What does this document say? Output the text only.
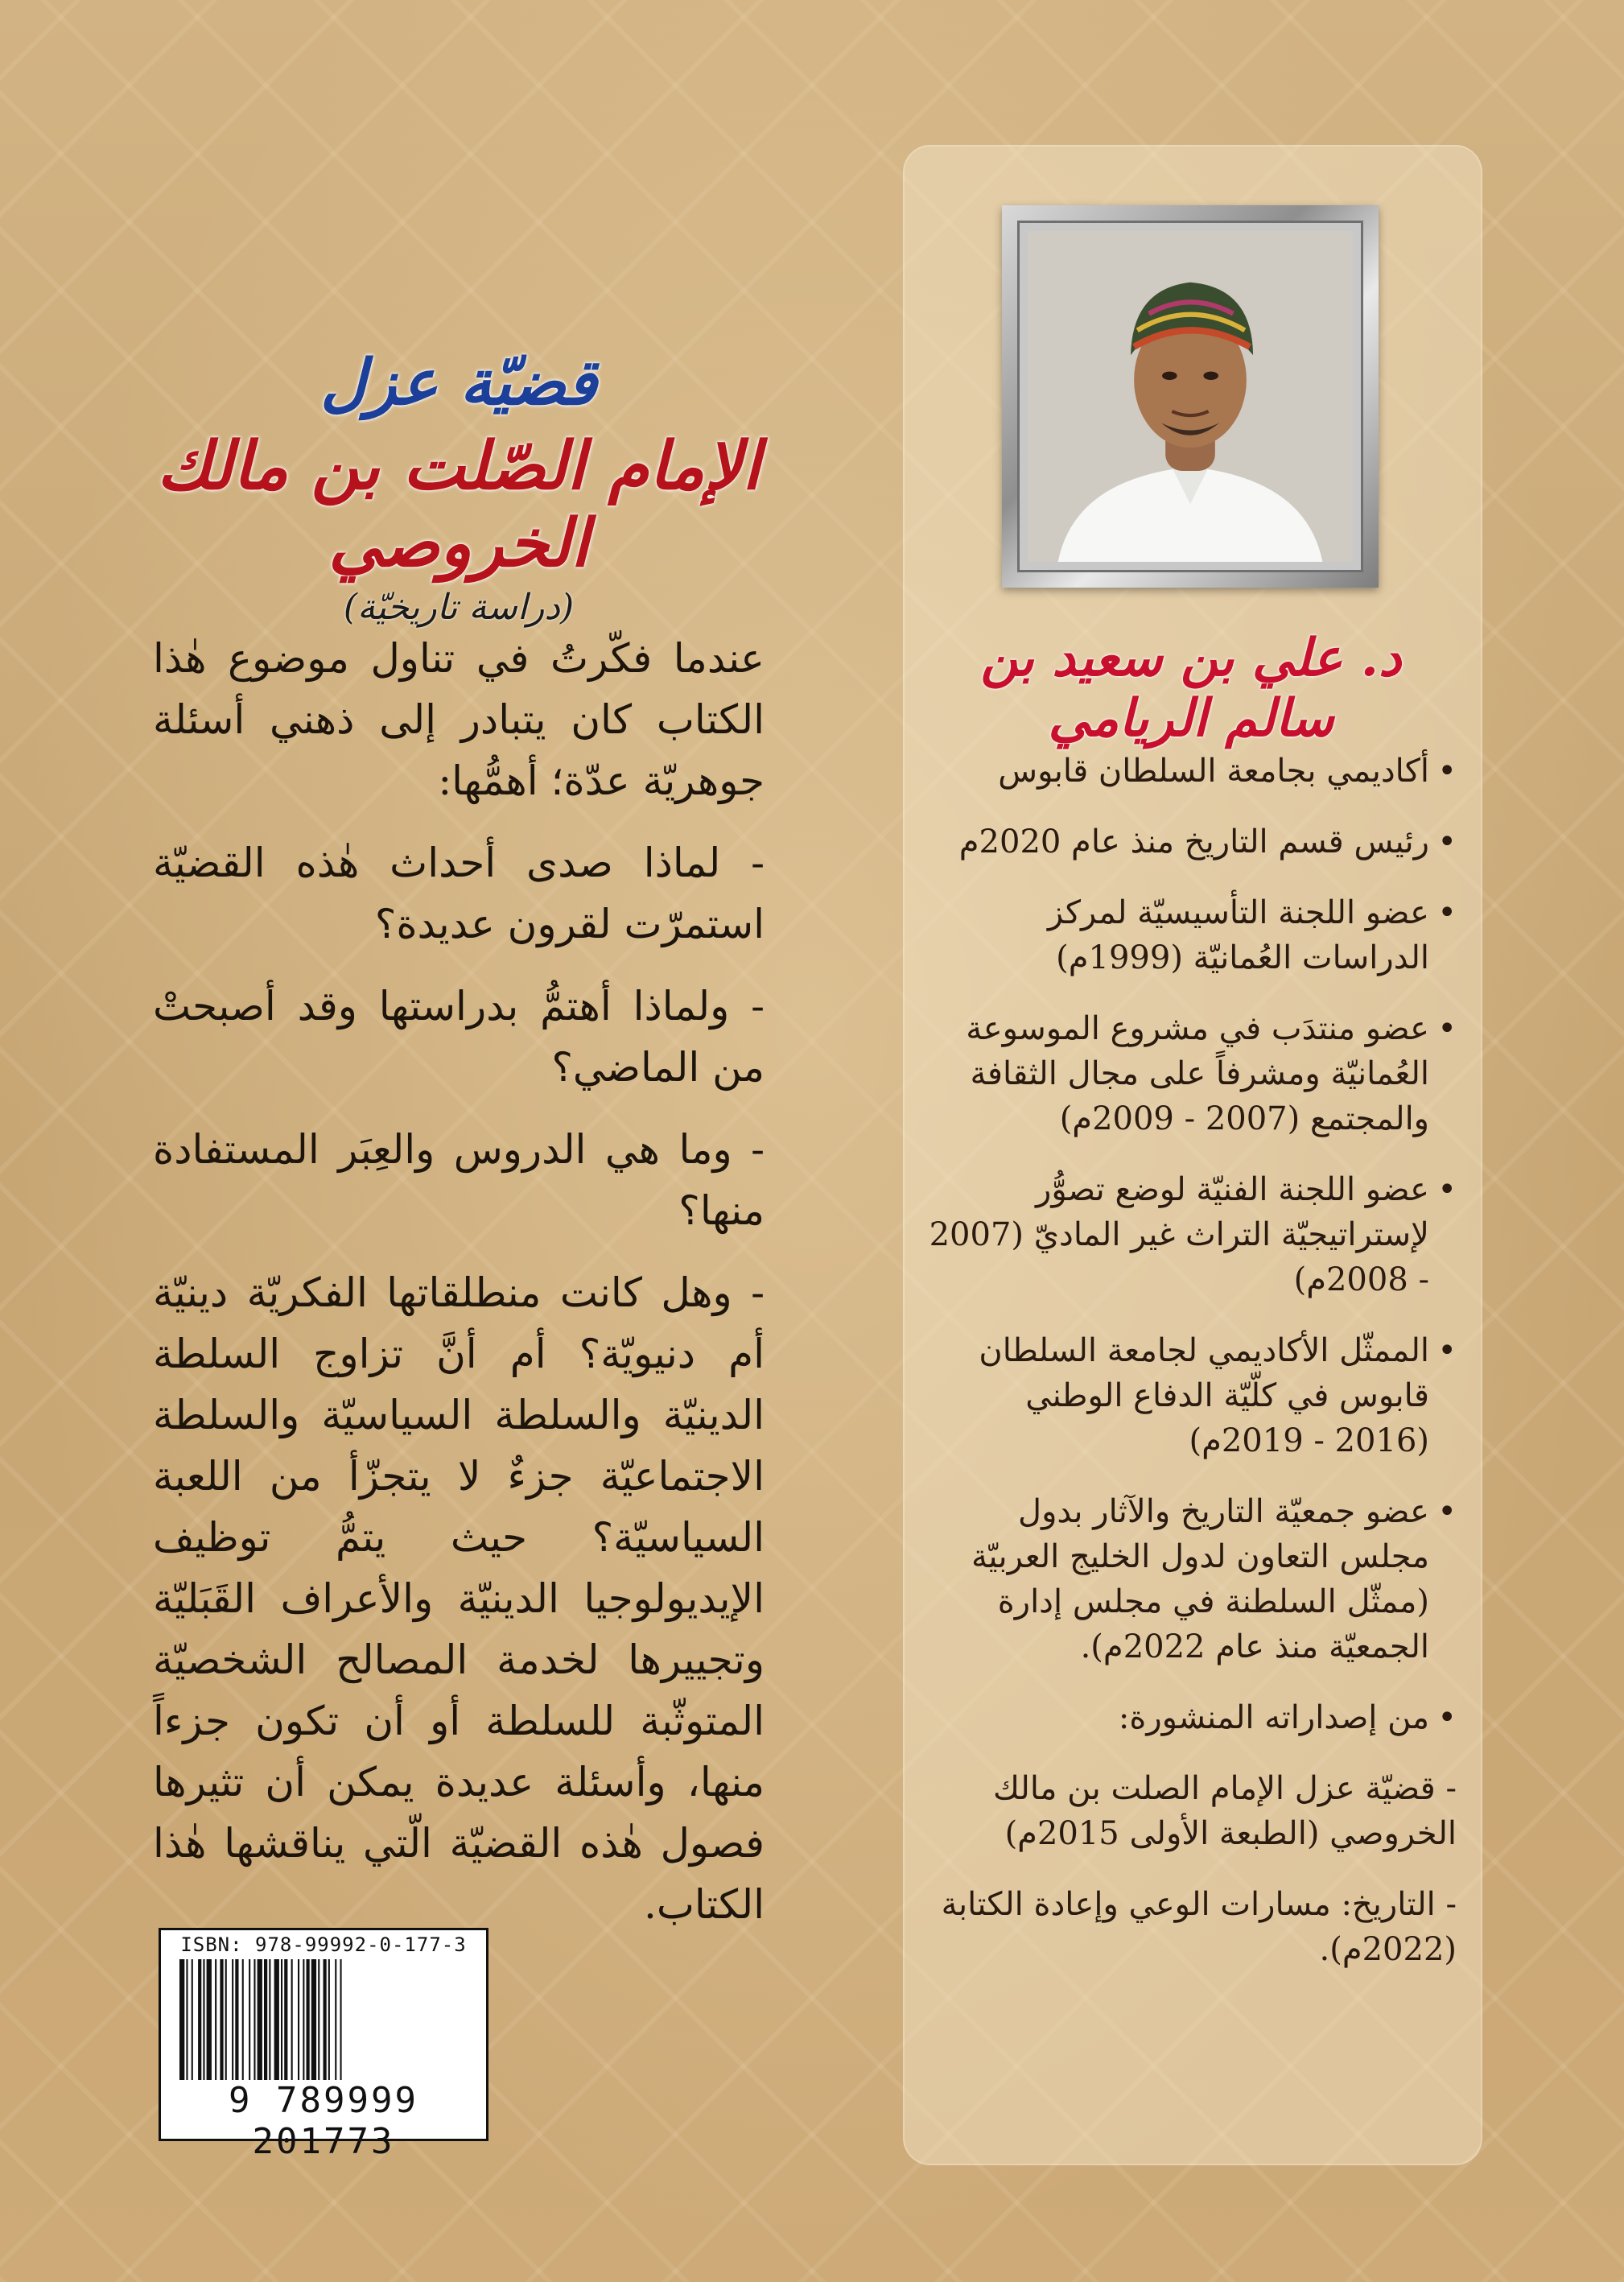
د. علي بن سعيد بن سالم الريامي
• أكاديمي بجامعة السلطان قابوس
• رئيس قسم التاريخ منذ عام 2020م
• عضو اللجنة التأسيسيّة لمركز الدراسات العُمانيّة (1999م)
• عضو منتدَب في مشروع الموسوعة العُمانيّة ومشرفاً على مجال الثقافة والمجتمع (2007 - 2009م)
• عضو اللجنة الفنيّة لوضع تصوُّر لإستراتيجيّة التراث غير الماديّ (2007 - 2008م)
• الممثّل الأكاديمي لجامعة السلطان قابوس في كلّيّة الدفاع الوطني (2016 - 2019م)
• عضو جمعيّة التاريخ والآثار بدول مجلس التعاون لدول الخليج العربيّة (ممثّل السلطنة في مجلس إدارة الجمعيّة منذ عام 2022م).
• من إصداراته المنشورة:
- قضيّة عزل الإمام الصلت بن مالك الخروصي (الطبعة الأولى 2015م)
- التاريخ: مسارات الوعي وإعادة الكتابة (2022م).
قضيّة عزل
الإمام الصّلت بن مالك الخروصي
(دراسة تاريخيّة)

عندما فكّرتُ في تناول موضوع هٰذا الكتاب كان يتبادر إلى ذهني أسئلة جوهريّة عدّة؛ أهمُّها:

- لماذا صدى أحداث هٰذه القضيّة استمرّت لقرون عديدة؟

- ولماذا أهتمُّ بدراستها وقد أصبحتْ من الماضي؟

- وما هي الدروس والعِبَر المستفادة منها؟

- وهل كانت منطلقاتها الفكريّة دينيّة أم دنيويّة؟ أم أنَّ تزاوج السلطة الدينيّة والسلطة السياسيّة والسلطة الاجتماعيّة جزءٌ لا يتجزّأ من اللعبة السياسيّة؟ حيث يتمُّ توظيف الإيديولوجيا الدينيّة والأعراف القَبَليّة وتجييرها لخدمة المصالح الشخصيّة المتوثّبة للسلطة أو أن تكون جزءاً منها، وأسئلة عديدة يمكن أن تثيرها فصول هٰذه القضيّة الّتي يناقشها هٰذا الكتاب.

ISBN: 978-99992-0-177-3
9 789999 201773
